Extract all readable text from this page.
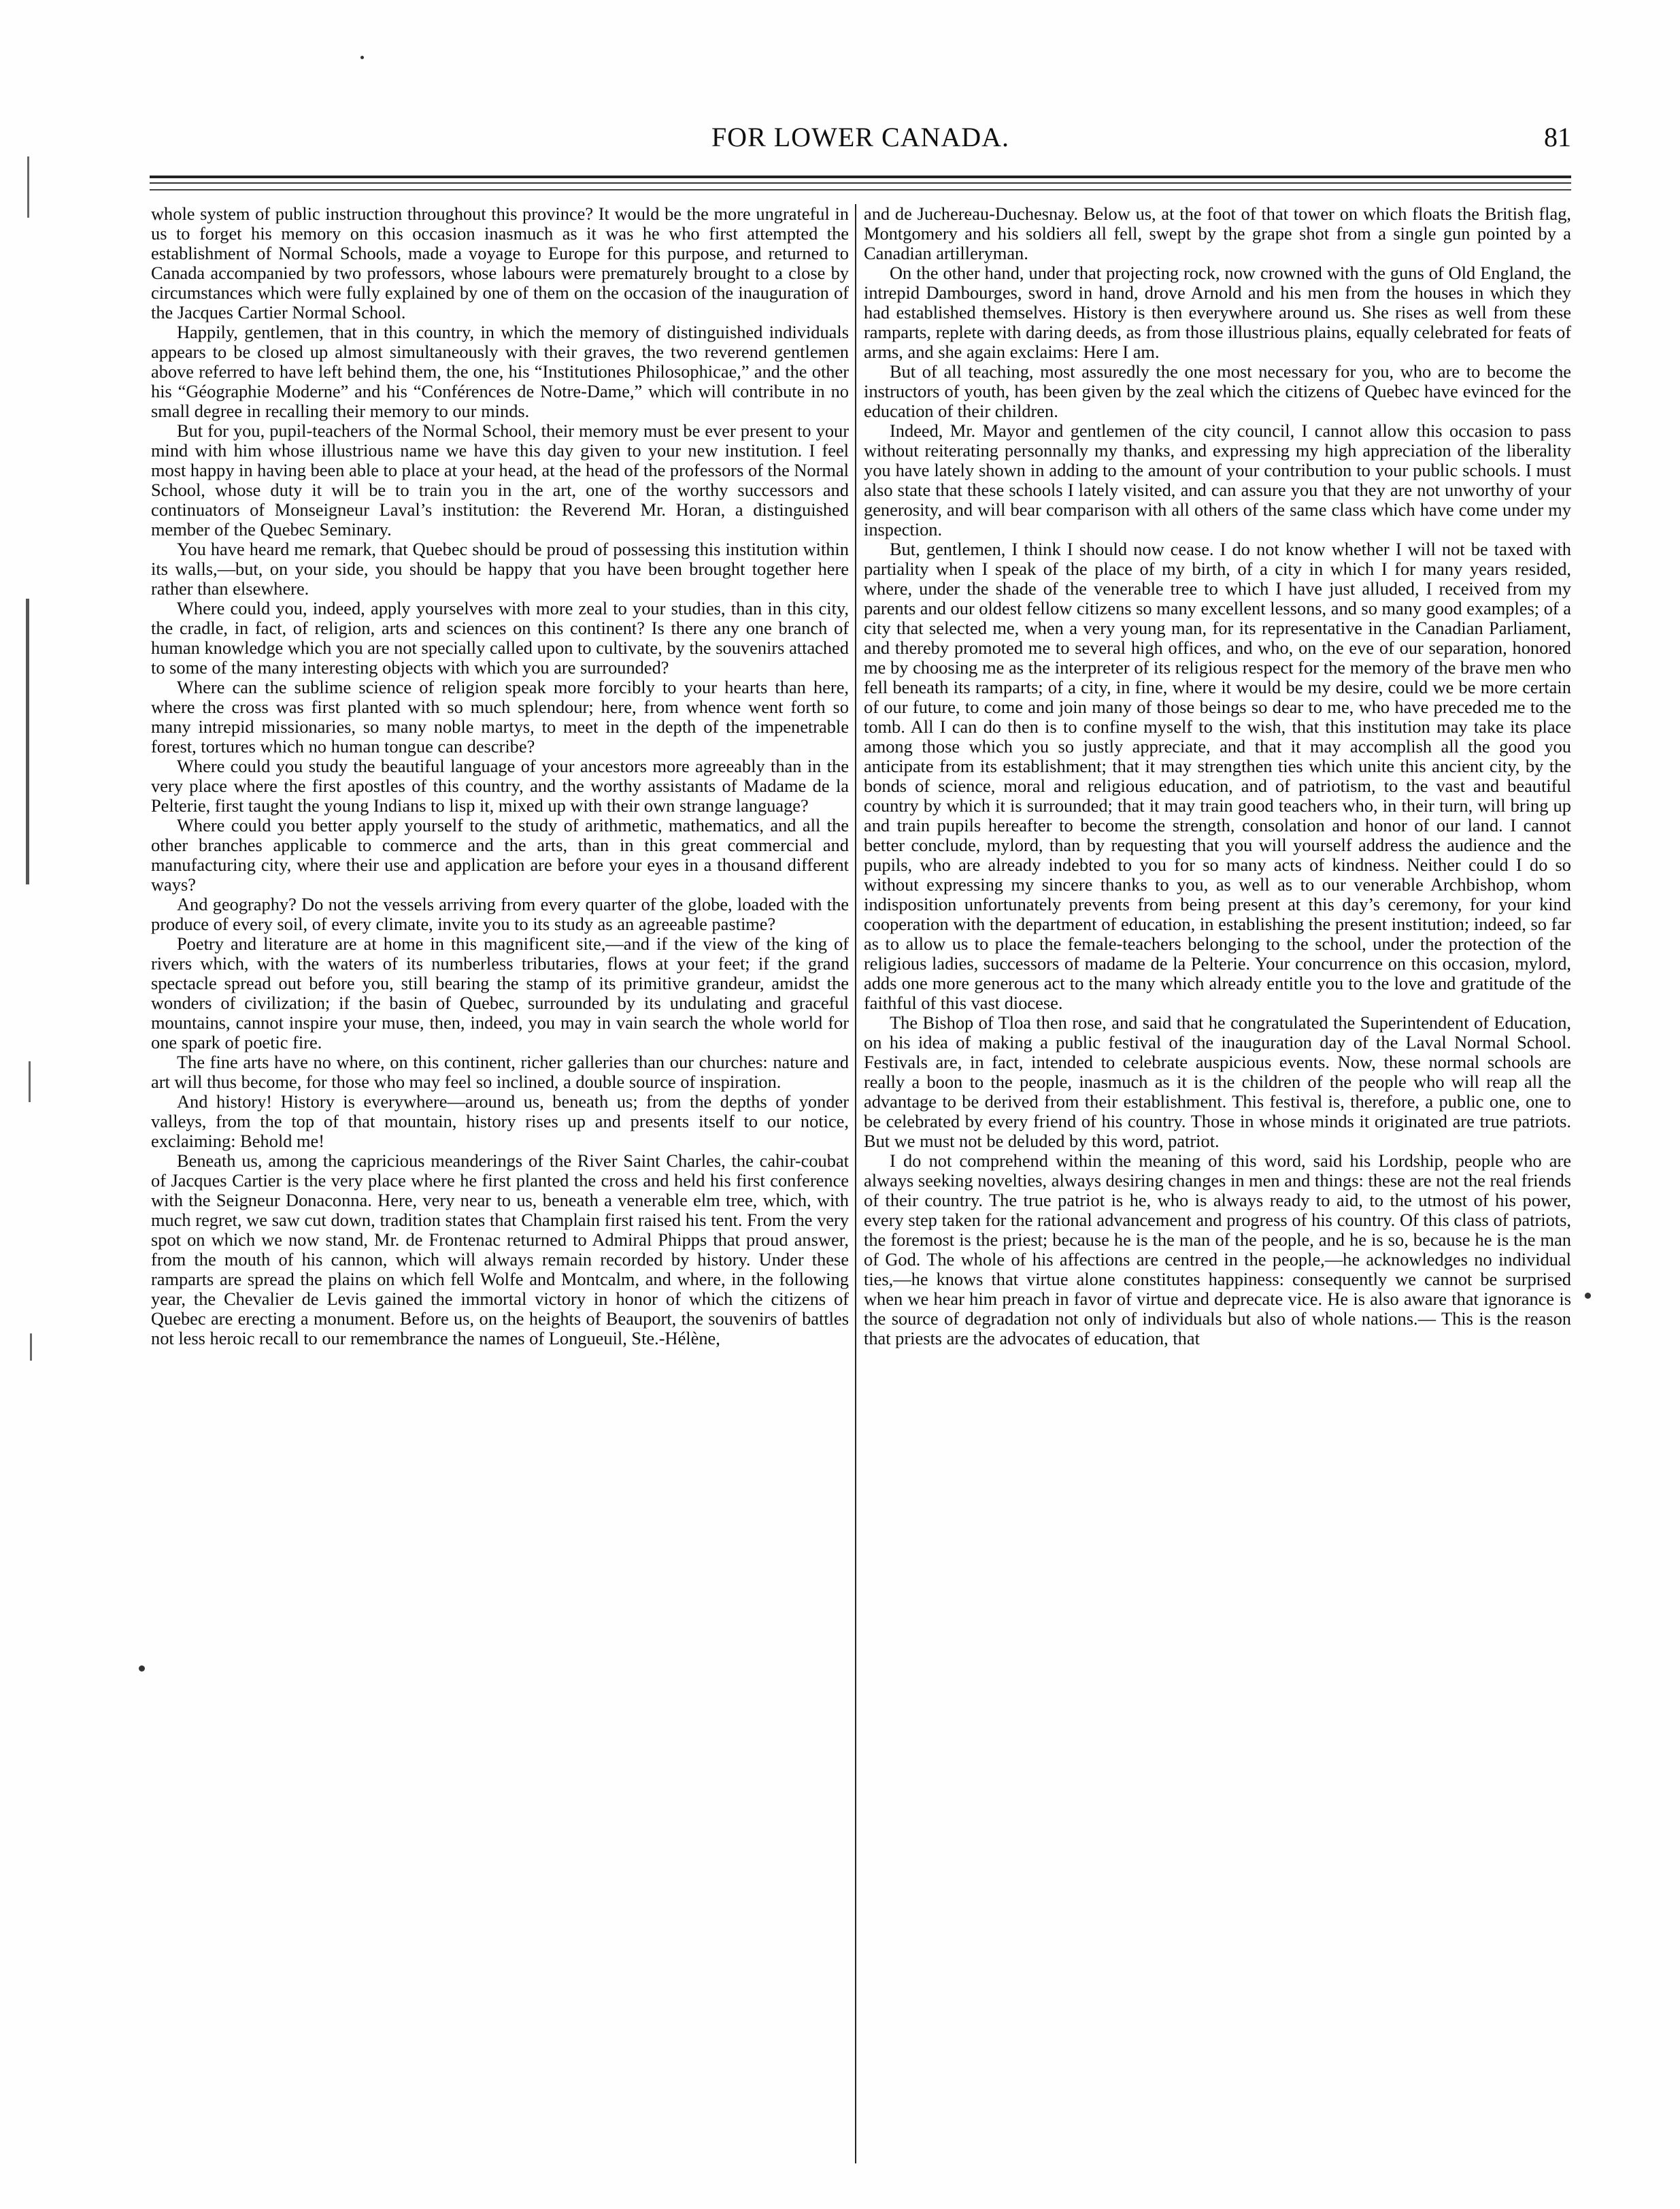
FOR LOWER CANADA.	81

whole system of public instruction throughout this province? It would be the more ungrateful in us to forget his memory on this occasion inasmuch as it was he who first attempted the establishment of Normal Schools, made a voyage to Europe for this purpose, and returned to Canada accompanied by two professors, whose labours were prematurely brought to a close by circumstances which were fully explained by one of them on the occasion of the inauguration of the Jacques Cartier Normal School.

Happily, gentlemen, that in this country, in which the memory of distinguished individuals appears to be closed up almost simultaneously with their graves, the two reverend gentlemen above referred to have left behind them, the one, his “Institutiones Philosophicae,” and the other his “Géographie Moderne” and his “Conférences de Notre-Dame,” which will contribute in no small degree in recalling their memory to our minds.

But for you, pupil-teachers of the Normal School, their memory must be ever present to your mind with him whose illustrious name we have this day given to your new institution. I feel most happy in having been able to place at your head, at the head of the professors of the Normal School, whose duty it will be to train you in the art, one of the worthy successors and continuators of Monseigneur Laval’s institution: the Reverend Mr. Horan, a distinguished member of the Quebec Seminary.

You have heard me remark, that Quebec should be proud of possessing this institution within its walls,—but, on your side, you should be happy that you have been brought together here rather than elsewhere.

Where could you, indeed, apply yourselves with more zeal to your studies, than in this city, the cradle, in fact, of religion, arts and sciences on this continent? Is there any one branch of human knowledge which you are not specially called upon to cultivate, by the souvenirs attached to some of the many interesting objects with which you are surrounded?

Where can the sublime science of religion speak more forcibly to your hearts than here, where the cross was first planted with so much splendour; here, from whence went forth so many intrepid missionaries, so many noble martys, to meet in the depth of the impenetrable forest, tortures which no human tongue can describe?

Where could you study the beautiful language of your ancestors more agreeably than in the very place where the first apostles of this country, and the worthy assistants of Madame de la Pelterie, first taught the young Indians to lisp it, mixed up with their own strange language?

Where could you better apply yourself to the study of arithmetic, mathematics, and all the other branches applicable to commerce and the arts, than in this great commercial and manufacturing city, where their use and application are before your eyes in a thousand different ways?

And geography? Do not the vessels arriving from every quarter of the globe, loaded with the produce of every soil, of every climate, invite you to its study as an agreeable pastime?

Poetry and literature are at home in this magnificent site,—and if the view of the king of rivers which, with the waters of its numberless tributaries, flows at your feet; if the grand spectacle spread out before you, still bearing the stamp of its primitive grandeur, amidst the wonders of civilization; if the basin of Quebec, surrounded by its undulating and graceful mountains, cannot inspire your muse, then, indeed, you may in vain search the whole world for one spark of poetic fire.

The fine arts have no where, on this continent, richer galleries than our churches: nature and art will thus become, for those who may feel so inclined, a double source of inspiration.

And history! History is everywhere—around us, beneath us; from the depths of yonder valleys, from the top of that mountain, history rises up and presents itself to our notice, exclaiming: Behold me!

Beneath us, among the capricious meanderings of the River Saint Charles, the cahir-coubat of Jacques Cartier is the very place where he first planted the cross and held his first conference with the Seigneur Donaconna. Here, very near to us, beneath a venerable elm tree, which, with much regret, we saw cut down, tradition states that Champlain first raised his tent. From the very spot on which we now stand, Mr. de Frontenac returned to Admiral Phipps that proud answer, from the mouth of his cannon, which will always remain recorded by history. Under these ramparts are spread the plains on which fell Wolfe and Montcalm, and where, in the following year, the Chevalier de Levis gained the immortal victory in honor of which the citizens of Quebec are erecting a monument. Before us, on the heights of Beauport, the souvenirs of battles not less heroic recall to our remembrance the names of Longueuil, Ste.-Hélène,

and de Juchereau-Duchesnay. Below us, at the foot of that tower on which floats the British flag, Montgomery and his soldiers all fell, swept by the grape shot from a single gun pointed by a Canadian artilleryman.

On the other hand, under that projecting rock, now crowned with the guns of Old England, the intrepid Dambourges, sword in hand, drove Arnold and his men from the houses in which they had established themselves. History is then everywhere around us. She rises as well from these ramparts, replete with daring deeds, as from those illustrious plains, equally celebrated for feats of arms, and she again exclaims: Here I am.

But of all teaching, most assuredly the one most necessary for you, who are to become the instructors of youth, has been given by the zeal which the citizens of Quebec have evinced for the education of their children.

Indeed, Mr. Mayor and gentlemen of the city council, I cannot allow this occasion to pass without reiterating personnally my thanks, and expressing my high appreciation of the liberality you have lately shown in adding to the amount of your contribution to your public schools. I must also state that these schools I lately visited, and can assure you that they are not unworthy of your generosity, and will bear comparison with all others of the same class which have come under my inspection.

But, gentlemen, I think I should now cease. I do not know whether I will not be taxed with partiality when I speak of the place of my birth, of a city in which I for many years resided, where, under the shade of the venerable tree to which I have just alluded, I received from my parents and our oldest fellow citizens so many excellent lessons, and so many good examples; of a city that selected me, when a very young man, for its representative in the Canadian Parliament, and thereby promoted me to several high offices, and who, on the eve of our separation, honored me by choosing me as the interpreter of its religious respect for the memory of the brave men who fell beneath its ramparts; of a city, in fine, where it would be my desire, could we be more certain of our future, to come and join many of those beings so dear to me, who have preceded me to the tomb. All I can do then is to confine myself to the wish, that this institution may take its place among those which you so justly appreciate, and that it may accomplish all the good you anticipate from its establishment; that it may strengthen ties which unite this ancient city, by the bonds of science, moral and religious education, and of patriotism, to the vast and beautiful country by which it is surrounded; that it may train good teachers who, in their turn, will bring up and train pupils hereafter to become the strength, consolation and honor of our land. I cannot better conclude, mylord, than by requesting that you will yourself address the audience and the pupils, who are already indebted to you for so many acts of kindness. Neither could I do so without expressing my sincere thanks to you, as well as to our venerable Archbishop, whom indisposition unfortunately prevents from being present at this day’s ceremony, for your kind cooperation with the department of education, in establishing the present institution; indeed, so far as to allow us to place the female-teachers belonging to the school, under the protection of the religious ladies, successors of madame de la Pelterie. Your concurrence on this occasion, mylord, adds one more generous act to the many which already entitle you to the love and gratitude of the faithful of this vast diocese.

The Bishop of Tloa then rose, and said that he congratulated the Superintendent of Education, on his idea of making a public festival of the inauguration day of the Laval Normal School. Festivals are, in fact, intended to celebrate auspicious events. Now, these normal schools are really a boon to the people, inasmuch as it is the children of the people who will reap all the advantage to be derived from their establishment. This festival is, therefore, a public one, one to be celebrated by every friend of his country. Those in whose minds it originated are true patriots. But we must not be deluded by this word, patriot.

I do not comprehend within the meaning of this word, said his Lordship, people who are always seeking novelties, always desiring changes in men and things: these are not the real friends of their country. The true patriot is he, who is always ready to aid, to the utmost of his power, every step taken for the rational advancement and progress of his country. Of this class of patriots, the foremost is the priest; because he is the man of the people, and he is so, because he is the man of God. The whole of his affections are centred in the people,—he acknowledges no individual ties,—he knows that virtue alone constitutes happiness: consequently we cannot be surprised when we hear him preach in favor of virtue and deprecate vice. He is also aware that ignorance is the source of degradation not only of individuals but also of whole nations.— This is the reason that priests are the advocates of education, that
